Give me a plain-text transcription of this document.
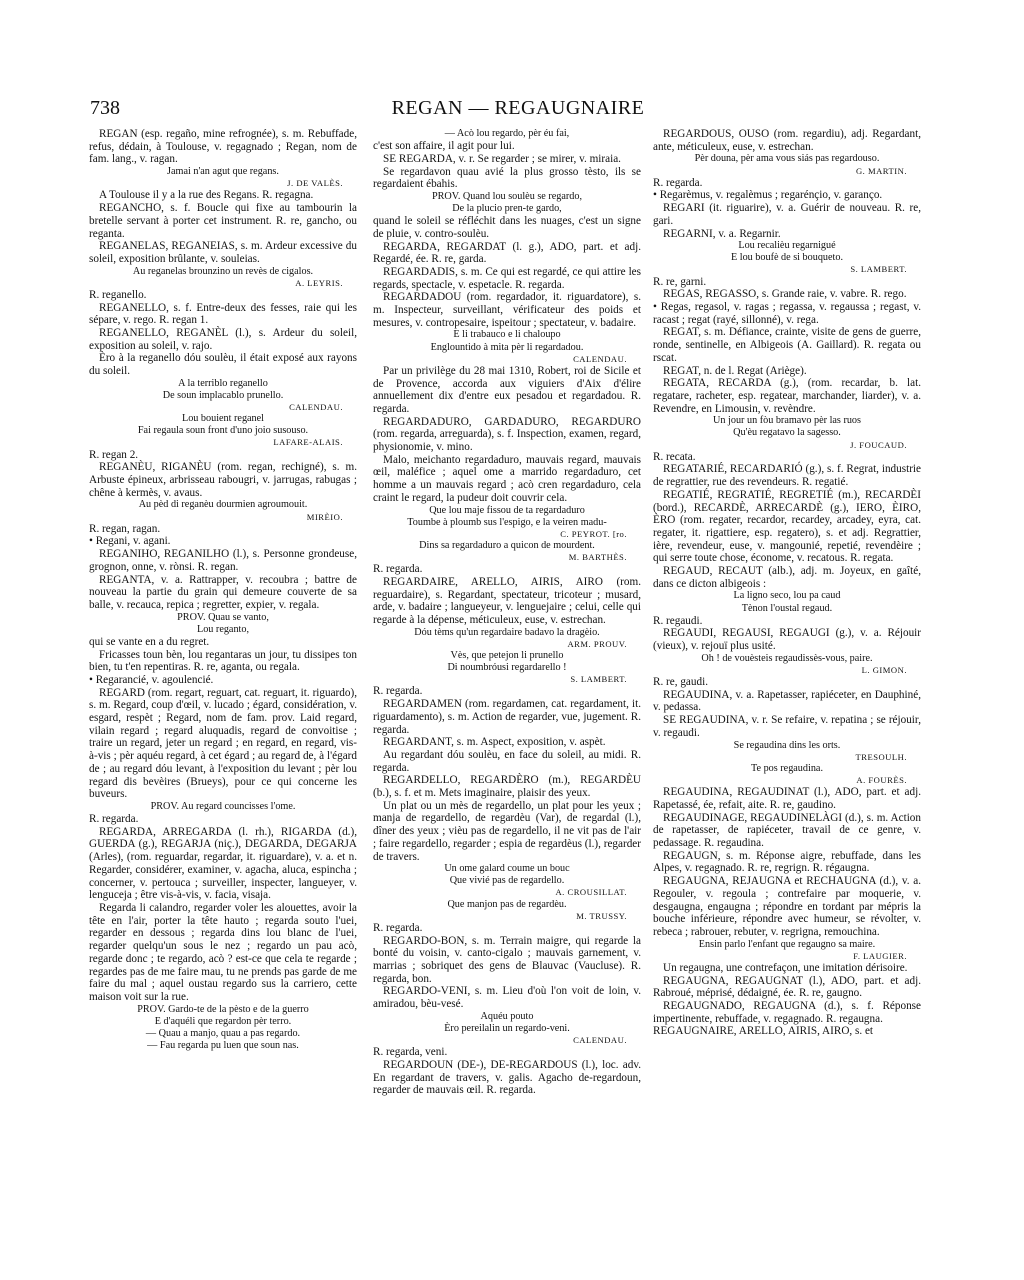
738	REGAN — REGAUGNAIRE

REGAN (esp. regaño, mine refrognée), s. m. Rebuffade, refus, dédain, à Toulouse, v. regagnado ; Regan, nom de fam. lang., v. ragan.

Jamai n'an agut que regans.

J. DE VALÈS.

A Toulouse il y a la rue des Regans. R. regagna.

REGANCHO, s. f. Boucle qui fixe au tambourin la bretelle servant à porter cet instrument. R. re, gancho, ou reganta.

REGANELAS, REGANEIAS, s. m. Ardeur excessive du soleil, exposition brûlante, v. souleias.

Au reganelas brounzino un revès de cigalos.

A. LEYRIS.

R. reganello.

REGANELLO, s. f. Entre-deux des fesses, raie qui les sépare, v. rego. R. regan 1.

REGANELLO, REGANÈL (l.), s. Ardeur du soleil, exposition au soleil, v. rajo.

Èro à la reganello dóu soulèu, il était exposé aux rayons du soleil.

A la terriblo reganello

De soun implacablo prunello.

CALENDAU.

Lou bouient reganel

Fai regaula soun front d'uno joio susouso.

LAFARE-ALAIS.

R. regan 2.

REGANÈU, RIGANÈU (rom. regan, rechigné), s. m. Arbuste épineux, arbrisseau rabougri, v. jarrugas, rabugas ; chêne à kermès, v. avaus.

Au pèd di reganèu dourmien agroumouit.

MIRÈIO.

R. regan, ragan.

• Regani, v. agani.

REGANIHO, REGANILHO (l.), s. Personne grondeuse, grognon, onne, v. rònsi. R. regan.

REGANTA, v. a. Rattrapper, v. recoubra ; battre de nouveau la partie du grain qui demeure couverte de sa balle, v. recauca, repica ; regretter, expier, v. regala.

PROV. Quau se vanto,

Lou reganto,

qui se vante en a du regret.

Fricasses toun bèn, lou regantaras un jour, tu dissipes ton bien, tu t'en repentiras. R. re, aganta, ou regala.

• Regarancié, v. agoulencié.

REGARD (rom. regart, reguart, cat. reguart, it. riguardo), s. m. Regard, coup d'œil, v. lucado ; égard, considération, v. esgard, respèt ; Regard, nom de fam. prov. Laid regard, vilain regard ; regard aluquadis, regard de convoitise ; traire un regard, jeter un regard ; en regard, en regard, vis-à-vis ; pèr aquéu regard, à cet égard ; au regard de, à l'égard de ; au regard dóu levant, à l'exposition du levant ; pèr lou regard dis bevèires (Brueys), pour ce qui concerne les buveurs.

PROV. Au regard councisses l'ome.

R. regarda.

REGARDA, ARREGARDA (l. rh.), RIGARDA (d.), GUERDA (g.), REGARJA (niç.), DEGARDA, DEGARJA (Arles), (rom. reguardar, regardar, it. riguardare), v. a. et n. Regarder, considérer, examiner, v. agacha, aluca, espincha ; concerner, v. pertouca ; surveiller, inspecter, langueyer, v. lenguceja ; être vis-à-vis, v. facia, visaja.

Regarda li calandro, regarder voler les alouettes, avoir la tête en l'air, porter la tête hauto ; regarda souto l'uei, regarder en dessous ; regarda dins lou blanc de l'uei, regarder quelqu'un sous le nez ; regardo un pau acò, regarde donc ; te regardo, acò ? est-ce que cela te regarde ; regardes pas de me faire mau, tu ne prends pas garde de me faire du mal ; aquel oustau regardo sus la carriero, cette maison voit sur la rue.

PROV. Gardo-te de la pèsto e de la guerro

E d'aquéli que regardon pèr terro.

— Quau a manjo, quau a pas regardo.

— Fau regarda pu luen que soun nas.

— Acò lou regardo, pèr éu fai,

c'est son affaire, il agit pour lui.

SE REGARDA, v. r. Se regarder ; se mirer, v. miraia.

Se regardavon quau avié la plus grosso tèsto, ils se regardaient ébahis.

PROV. Quand lou soulèu se regardo,

De la plucio pren-te gardo,

quand le soleil se réfléchit dans les nuages, c'est un signe de pluie, v. contro-soulèu.

REGARDA, REGARDAT (l. g.), ADO, part. et adj. Regardé, ée. R. re, garda.

REGARDADIS, s. m. Ce qui est regardé, ce qui attire les regards, spectacle, v. espetacle. R. regarda.

REGARDADOU (rom. regardador, it. riguardatore), s. m. Inspecteur, surveillant, vérificateur des poids et mesures, v. contropesaire, ispeitour ; spectateur, v. badaire.

E li trabauco e li chaloupo

Englountido à mita pèr li regardadou.

CALENDAU.

Par un privilège du 28 mai 1310, Robert, roi de Sicile et de Provence, accorda aux viguiers d'Aix d'élire annuellement dix d'entre eux pesadou et regardadou. R. regarda.

REGARDADURO, GARDADURO, REGARDURO (rom. regarda, arreguarda), s. f. Inspection, examen, regard, physionomie, v. mino.

Malo, meichanto regardaduro, mauvais regard, mauvais œil, maléfice ; aquel ome a marrido regardaduro, cet homme a un mauvais regard ; acò cren regardaduro, cela craint le regard, la pudeur doit couvrir cela.

Que lou maje fissou de ta regardaduro

Toumbe à ploumb sus l'espigo, e la veiren madu-

C. PEYROT. [ro.

Dins sa regardaduro a quicon de mourdent.

M. BARTHÈS.

R. regarda.

REGARDAIRE, ARELLO, AIRIS, AIRO (rom. reguardaire), s. Regardant, spectateur, tricoteur ; musard, arde, v. badaire ; langueyeur, v. lenguejaire ; celui, celle qui regarde à la dépense, méticuleux, euse, v. estrechan.

Dóu tèms qu'un regardaire badavo la dragèio.

ARM. PROUV.

Vès, que petejon li prunello

Di noumbróusi regardarello !

S. LAMBERT.

R. regarda.

REGARDAMEN (rom. regardamen, cat. regardament, it. riguardamento), s. m. Action de regarder, vue, jugement. R. regarda.

REGARDANT, s. m. Aspect, exposition, v. aspèt.

Au regardant dóu soulèu, en face du soleil, au midi. R. regarda.

REGARDELLO, REGARDÈRO (m.), REGARDÈU (b.), s. f. et m. Mets imaginaire, plaisir des yeux.

Un plat ou un mès de regardello, un plat pour les yeux ; manja de regardello, de regardèu (Var), de regardal (l.), dîner des yeux ; vièu pas de regardello, il ne vit pas de l'air ; faire regardello, regarder ; espia de regardèus (l.), regarder de travers.

Un ome galard coume un bouc

Que vivié pas de regardello.

A. CROUSILLAT.

Que manjon pas de regardèu.

M. TRUSSY.

R. regarda.

REGARDO-BON, s. m. Terrain maigre, qui regarde la bonté du voisin, v. canto-cigalo ; mauvais garnement, v. marrias ; sobriquet des gens de Blauvac (Vaucluse). R. regarda, bon.

REGARDO-VENI, s. m. Lieu d'où l'on voit de loin, v. amiradou, bèu-vesé.

Aquéu pouto

Èro pereilalin un regardo-veni.

CALENDAU.

R. regarda, veni.

REGARDOUN (DE-), DE-REGARDOUS (l.), loc. adv. En regardant de travers, v. galis. Agacho de-regardoun, regarder de mauvais œil. R. regarda.

REGARDOUS, OUSO (rom. regardiu), adj. Regardant, ante, méticuleux, euse, v. estrechan.

Pèr douna, pèr ama vous siás pas regardouso.

G. MARTIN.

R. regarda.

• Regarèmus, v. regalèmus ; regarénçio, v. garanço.

REGARI (it. riguarire), v. a. Guérir de nouveau. R. re, gari.

REGARNI, v. a. Regarnir.

Lou recalièu regarnigué

E lou boufè de si bouqueto.

S. LAMBERT.

R. re, garni.

REGAS, REGASSO, s. Grande raie, v. vabre. R. rego.

• Regas, regasol, v. ragas ; regassa, v. regaussa ; regast, v. racast ; regat (rayé, sillonné), v. rega.

REGAT, s. m. Défiance, crainte, visite de gens de guerre, ronde, sentinelle, en Albigeois (A. Gaillard). R. regata ou rscat.

REGAT, n. de l. Regat (Ariège).

REGATA, RECARDA (g.), (rom. recardar, b. lat. regatare, racheter, esp. regatear, marchander, liarder), v. a. Revendre, en Limousin, v. revèndre.

Un jour un fòu bramavo pèr las ruos

Qu'èu regatavo la sagesso.

J. FOUCAUD.

R. recata.

REGATARIÉ, RECARDARIÓ (g.), s. f. Regrat, industrie de regrattier, rue des revendeurs. R. regatié.

REGATIÉ, REGRATIÉ, REGRETIÉ (m.), RECARDÈI (bord.), RECARDÈ, ARRECARDÈ (g.), IERO, ÈIRO, ÈRO (rom. regater, recardor, recardey, arcadey, eyra, cat. regater, it. rigattiere, esp. regatero), s. et adj. Regrattier, ière, revendeur, euse, v. mangounié, repetié, revendèire ; qui serre toute chose, économe, v. recatous. R. regata.

REGAUD, RECAUT (alb.), adj. m. Joyeux, en gaîté, dans ce dicton albigeois :

La ligno seco, lou pa caud

Tènon l'oustal regaud.

R. regaudi.

REGAUDI, REGAUSI, REGAUGI (g.), v. a. Réjouir (vieux), v. rejouï plus usité.

Oh ! de vouèsteis regaudissès-vous, paire.

L. GIMON.

R. re, gaudi.

REGAUDINA, v. a. Rapetasser, rapiéceter, en Dauphiné, v. pedassa.

SE REGAUDINA, v. r. Se refaire, v. repatina ; se réjouir, v. regaudi.

Se regaudina dins les orts.

TRESOULH.

Te pos regaudina.

A. FOURÈS.

REGAUDINA, REGAUDINAT (l.), ADO, part. et adj. Rapetassé, ée, refait, aite. R. re, gaudino.

REGAUDINAGE, REGAUDINELÀGI (d.), s. m. Action de rapetasser, de rapiéceter, travail de ce genre, v. pedassage. R. regaudina.

REGAUGN, s. m. Réponse aigre, rebuffade, dans les Alpes, v. regagnado. R. re, regrign. R. régaugna.

REGAUGNA, REJAUGNA et RECHAUGNA (d.), v. a. Regouler, v. regoula ; contrefaire par moquerie, v. desgaugna, engaugna ; répondre en tordant par mépris la bouche inférieure, répondre avec humeur, se révolter, v. rebeca ; rabrouer, rebuter, v. regrigna, remouchina.

Ensin parlo l'enfant que regaugno sa maire.

F. LAUGIER.

Un regaugna, une contrefaçon, une imitation dérisoire.

REGAUGNA, REGAUGNAT (l.), ADO, part. et adj. Rabroué, méprisé, dédaigné, ée. R. re, gaugno.

REGAUGNADO, REGAUGNA (d.), s. f. Réponse impertinente, rebuffade, v. regagnado. R. regaugna.

REGAUGNAIRE, ARELLO, AIRIS, AIRO, s. et
